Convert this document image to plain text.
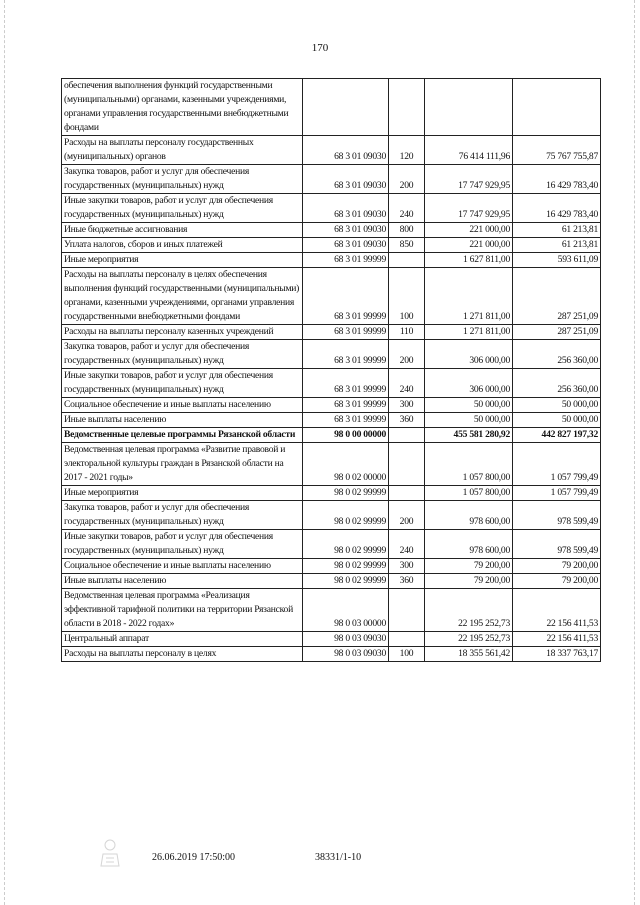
170
обеспечения выполнения функций государственными (муниципальными) органами, казенными учреждениями, органами управления государственными внебюджетными фондами				
Расходы на выплаты персоналу государственных (муниципальных) органов	68 3 01 09030	120	76 414 111,96	75 767 755,87
Закупка товаров, работ и услуг для обеспечения государственных (муниципальных) нужд	68 3 01 09030	200	17 747 929,95	16 429 783,40
Иные закупки товаров, работ и услуг для обеспечения государственных (муниципальных) нужд	68 3 01 09030	240	17 747 929,95	16 429 783,40
Иные бюджетные ассигнования	68 3 01 09030	800	221 000,00	61 213,81
Уплата налогов, сборов и иных платежей	68 3 01 09030	850	221 000,00	61 213,81
Иные мероприятия	68 3 01 99999		1 627 811,00	593 611,09
Расходы на выплаты персоналу в целях обеспечения выполнения функций государственными (муниципальными) органами, казенными учреждениями, органами управления государственными внебюджетными фондами	68 3 01 99999	100	1 271 811,00	287 251,09
Расходы на выплаты персоналу казенных учреждений	68 3 01 99999	110	1 271 811,00	287 251,09
Закупка товаров, работ и услуг для обеспечения государственных (муниципальных) нужд	68 3 01 99999	200	306 000,00	256 360,00
Иные закупки товаров, работ и услуг для обеспечения государственных (муниципальных) нужд	68 3 01 99999	240	306 000,00	256 360,00
Социальное обеспечение и иные выплаты населению	68 3 01 99999	300	50 000,00	50 000,00
Иные выплаты населению	68 3 01 99999	360	50 000,00	50 000,00
Ведомственные целевые программы Рязанской области	98 0 00 00000		455 581 280,92	442 827 197,32
Ведомственная целевая программа «Развитие правовой и электоральной культуры граждан в Рязанской области на 2017 - 2021 годы»	98 0 02 00000		1 057 800,00	1 057 799,49
Иные мероприятия	98 0 02 99999		1 057 800,00	1 057 799,49
Закупка товаров, работ и услуг для обеспечения государственных (муниципальных) нужд	98 0 02 99999	200	978 600,00	978 599,49
Иные закупки товаров, работ и услуг для обеспечения государственных (муниципальных) нужд	98 0 02 99999	240	978 600,00	978 599,49
Социальное обеспечение и иные выплаты населению	98 0 02 99999	300	79 200,00	79 200,00
Иные выплаты населению	98 0 02 99999	360	79 200,00	79 200,00
Ведомственная целевая программа «Реализация эффективной тарифной политики на территории Рязанской области в 2018 - 2022 годах»	98 0 03 00000		22 195 252,73	22 156 411,53
Центральный аппарат	98 0 03 09030		22 195 252,73	22 156 411,53
Расходы на выплаты персоналу в целях	98 0 03 09030	100	18 355 561,42	18 337 763,17
26.06.2019 17:50:00	38331/1-10
